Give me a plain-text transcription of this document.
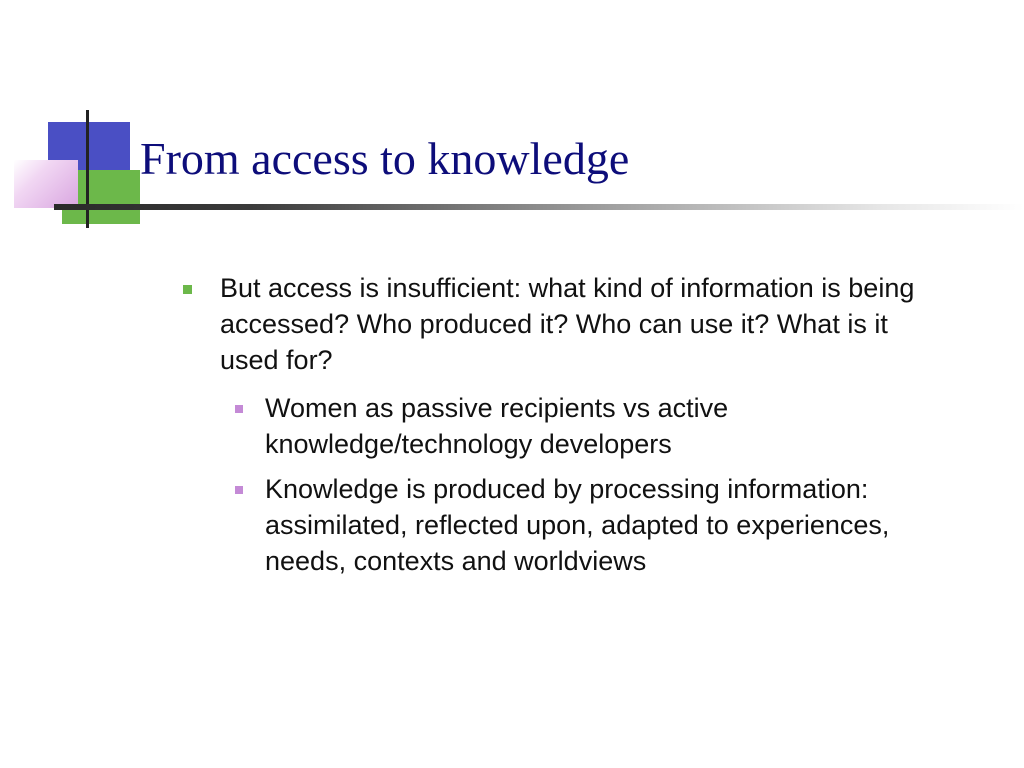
From access to knowledge
But access is insufficient: what kind of information is being accessed? Who produced it? Who can use it? What is it used for?
Women as passive recipients vs active knowledge/technology developers
Knowledge is produced by processing information: assimilated, reflected upon, adapted to experiences, needs, contexts and worldviews
